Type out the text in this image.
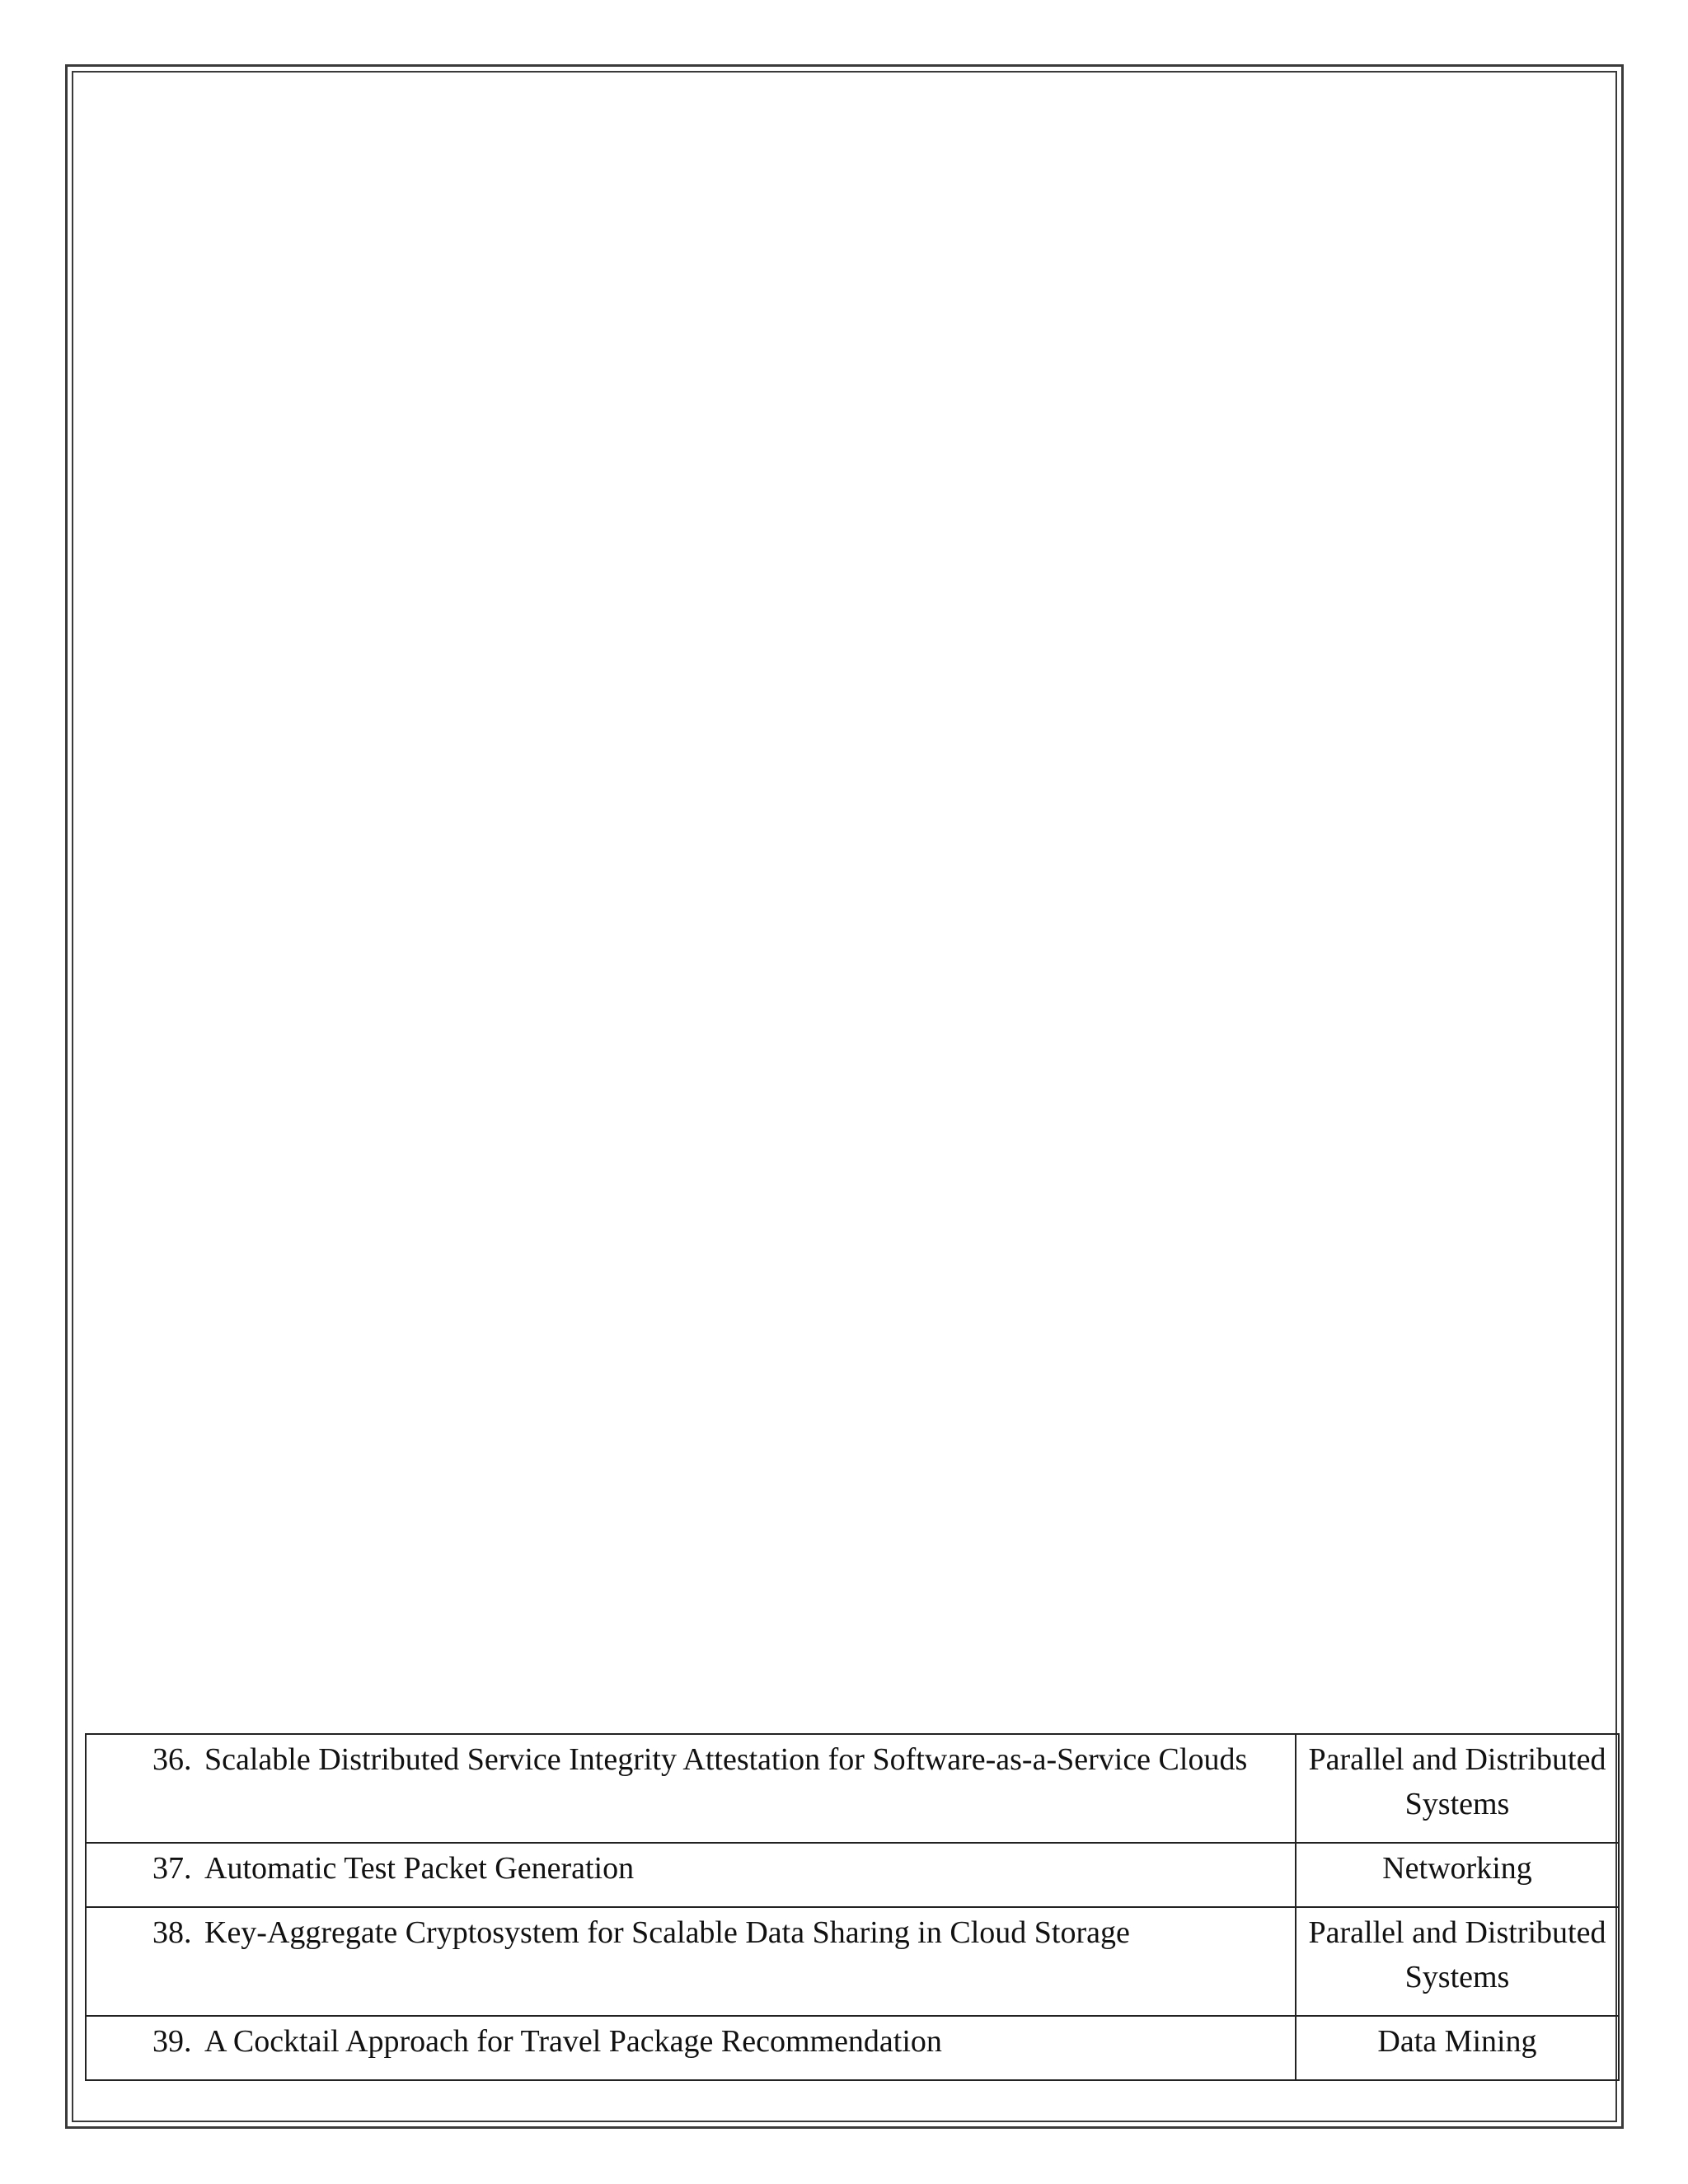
36. Scalable Distributed Service Integrity Attestation for Software-as-a-Service Clouds	Parallel and Distributed Systems

37. Automatic Test Packet Generation	Networking

38. Key-Aggregate Cryptosystem for Scalable Data Sharing in Cloud Storage	Parallel and Distributed Systems

39. A Cocktail Approach for Travel Package Recommendation	Data Mining
